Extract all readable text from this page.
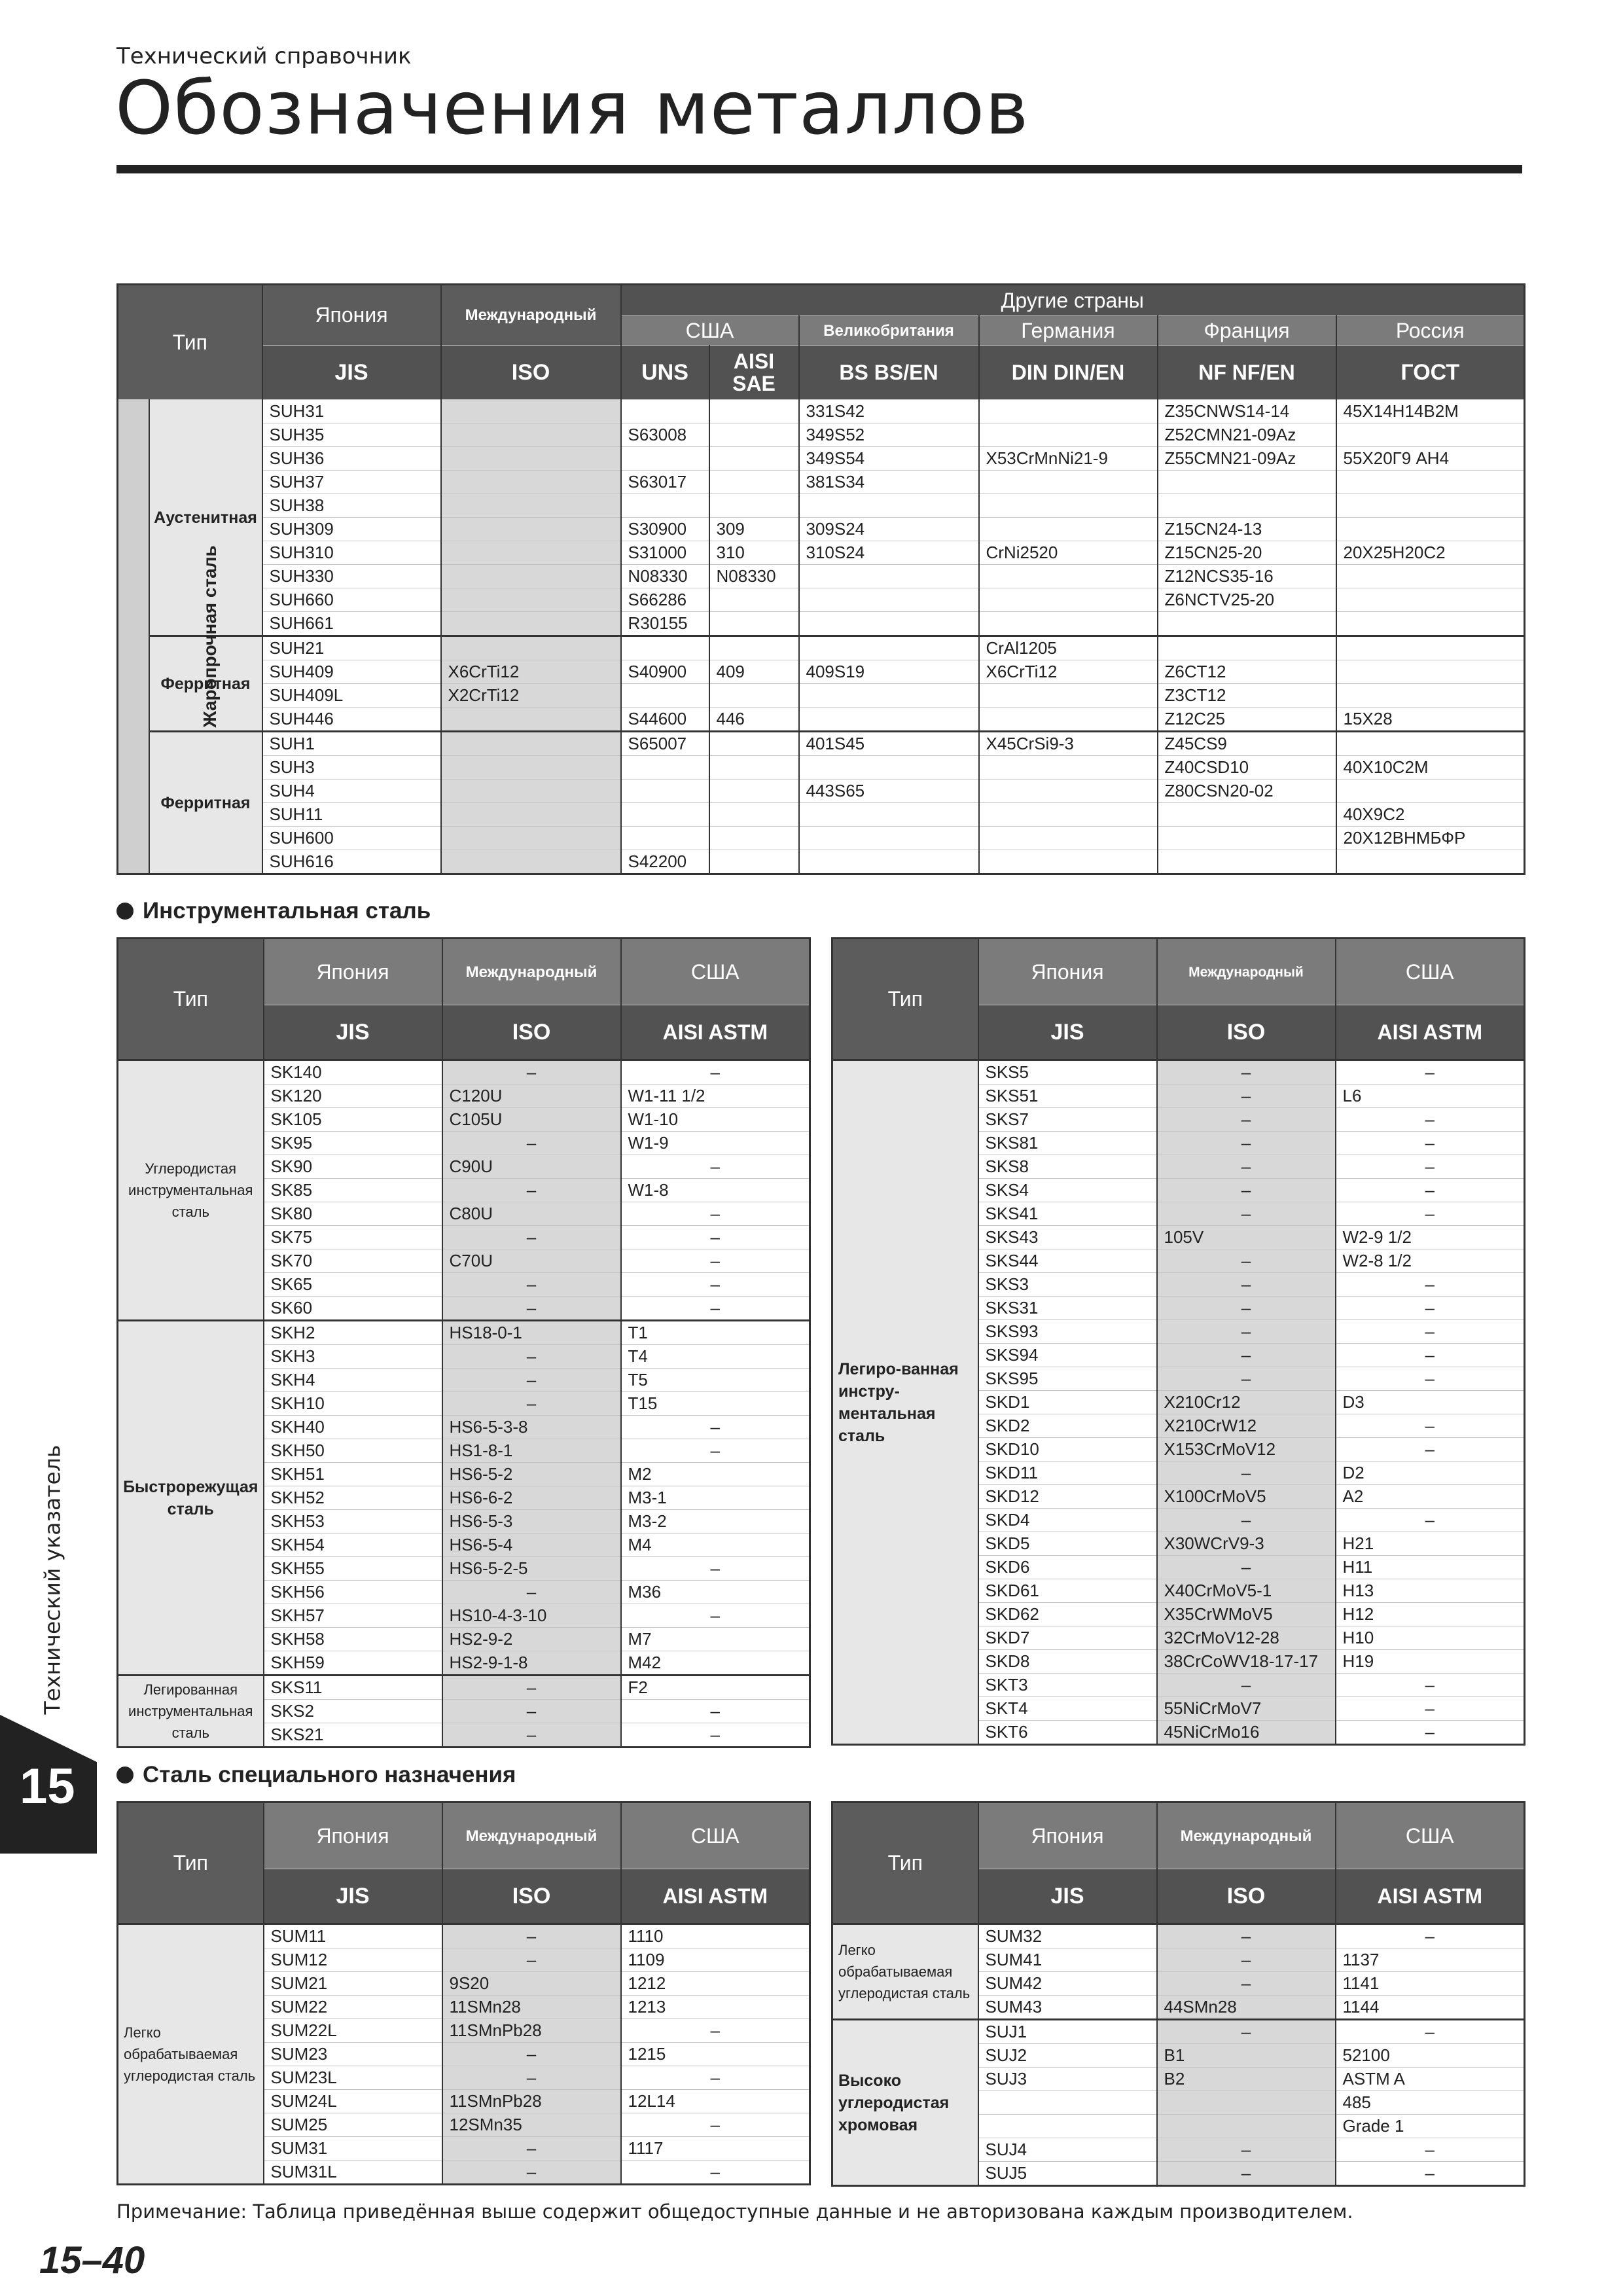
Технический справочник
Обозначения металлов
Тип		Япония	Международный	Другие страны					
				США		Великобритания	Германия	Франция	Россия
		JIS	ISO	UNS	AISI SAE	BS BS/EN	DIN DIN/EN	NF NF/EN	ГОСТ
Жаропрочная сталь	Аустенитная	SUH31				331S42		Z35CNWS14-14	45Х14Н14В2М
		SUH35		S63008		349S52		Z52CMN21-09Az	
		SUH36				349S54	X53CrMnNi21-9	Z55CMN21-09Az	55Х20Г9 АН4
		SUH37		S63017		381S34			
		SUH38							
		SUH309		S30900	309	309S24		Z15CN24-13	
		SUH310		S31000	310	310S24	CrNi2520	Z15CN25-20	20Х25Н20С2
		SUH330		N08330	N08330			Z12NCS35-16	
		SUH660		S66286				Z6NCTV25-20	
		SUH661		R30155					
	Ферритная	SUH21					CrAl1205		
		SUH409	X6CrTi12	S40900	409	409S19	X6CrTi12	Z6CT12	
		SUH409L	X2CrTi12					Z3CT12	
		SUH446		S44600	446			Z12C25	15Х28
	Ферритная	SUH1		S65007		401S45	X45CrSi9-3	Z45CS9	
		SUH3						Z40CSD10	40Х10С2М
		SUH4				443S65		Z80CSN20-02	
		SUH11							40Х9С2
		SUH600							20Х12ВНМБФР
		SUH616		S42200					
Инструментальная сталь
Тип	Япония	Международный	США
	JIS	ISO	AISI ASTM
Углеродистая инструментальная сталь	SK140	–	–
	SK120	C120U	W1-11 1/2
	SK105	C105U	W1-10
	SK95	–	W1-9
	SK90	C90U	–
	SK85	–	W1-8
	SK80	C80U	–
	SK75	–	–
	SK70	C70U	–
	SK65	–	–
	SK60	–	–
Быстрорежущая сталь	SKH2	HS18-0-1	T1
	SKH3	–	T4
	SKH4	–	T5
	SKH10	–	T15
	SKH40	HS6-5-3-8	–
	SKH50	HS1-8-1	–
	SKH51	HS6-5-2	M2
	SKH52	HS6-6-2	M3-1
	SKH53	HS6-5-3	M3-2
	SKH54	HS6-5-4	M4
	SKH55	HS6-5-2-5	–
	SKH56	–	M36
	SKH57	HS10-4-3-10	–
	SKH58	HS2-9-2	M7
	SKH59	HS2-9-1-8	M42
Легированная инструментальная сталь	SKS11	–	F2
	SKS2	–	–
	SKS21	–	–
Тип	Япония	Международный	США
	JIS	ISO	AISI ASTM
Легиро-ванная инстру-ментальная сталь	SKS5	–	–
	SKS51	–	L6
	SKS7	–	–
	SKS81	–	–
	SKS8	–	–
	SKS4	–	–
	SKS41	–	–
	SKS43	105V	W2-9 1/2
	SKS44	–	W2-8 1/2
	SKS3	–	–
	SKS31	–	–
	SKS93	–	–
	SKS94	–	–
	SKS95	–	–
	SKD1	X210Cr12	D3
	SKD2	X210CrW12	–
	SKD10	X153CrMoV12	–
	SKD11	–	D2
	SKD12	X100CrMoV5	A2
	SKD4	–	–
	SKD5	X30WCrV9-3	H21
	SKD6	–	H11
	SKD61	X40CrMoV5-1	H13
	SKD62	X35CrWMoV5	H12
	SKD7	32CrMoV12-28	H10
	SKD8	38CrCoWV18-17-17	H19
	SKT3	–	–
	SKT4	55NiCrMoV7	–
	SKT6	45NiCrMo16	–
Сталь специального назначения
Тип	Япония	Международный	США
	JIS	ISO	AISI ASTM
Легко обрабатываемая углеродистая сталь	SUM11	–	1110
	SUM12	–	1109
	SUM21	9S20	1212
	SUM22	11SMn28	1213
	SUM22L	11SMnPb28	–
	SUM23	–	1215
	SUM23L	–	–
	SUM24L	11SMnPb28	12L14
	SUM25	12SMn35	–
	SUM31	–	1117
	SUM31L	–	–
Тип	Япония	Международный	США
	JIS	ISO	AISI ASTM
Легко обрабатываемая углеродистая сталь	SUM32	–	–
	SUM41	–	1137
	SUM42	–	1141
	SUM43	44SMn28	1144
Высоко углеродистая хромовая	SUJ1	–	–
	SUJ2	B1	52100
	SUJ3	B2	ASTM A
			485
			Grade 1
	SUJ4	–	–
	SUJ5	–	–
Технический указатель
15
Примечание: Таблица приведённая выше содержит общедоступные данные и не авторизована каждым производителем.
15–40
